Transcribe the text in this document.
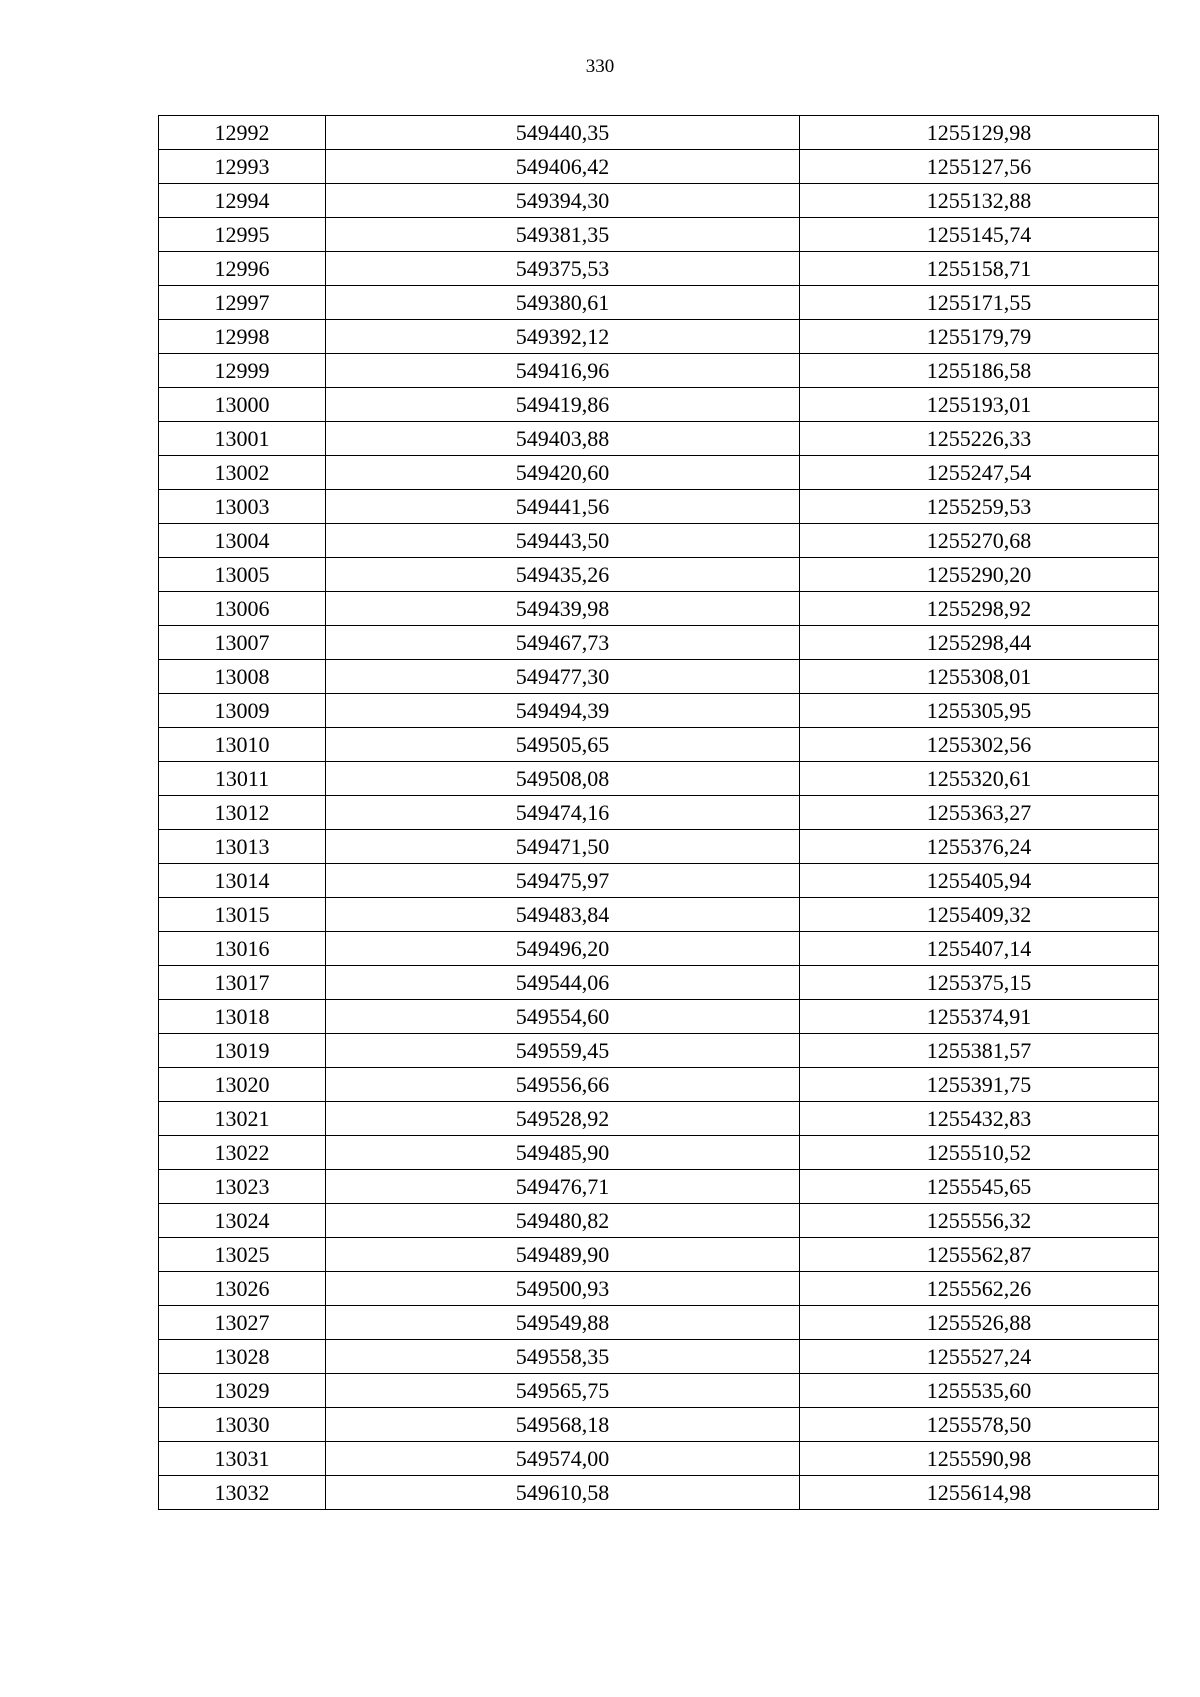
330
12992	549440,35	1255129,98
12993	549406,42	1255127,56
12994	549394,30	1255132,88
12995	549381,35	1255145,74
12996	549375,53	1255158,71
12997	549380,61	1255171,55
12998	549392,12	1255179,79
12999	549416,96	1255186,58
13000	549419,86	1255193,01
13001	549403,88	1255226,33
13002	549420,60	1255247,54
13003	549441,56	1255259,53
13004	549443,50	1255270,68
13005	549435,26	1255290,20
13006	549439,98	1255298,92
13007	549467,73	1255298,44
13008	549477,30	1255308,01
13009	549494,39	1255305,95
13010	549505,65	1255302,56
13011	549508,08	1255320,61
13012	549474,16	1255363,27
13013	549471,50	1255376,24
13014	549475,97	1255405,94
13015	549483,84	1255409,32
13016	549496,20	1255407,14
13017	549544,06	1255375,15
13018	549554,60	1255374,91
13019	549559,45	1255381,57
13020	549556,66	1255391,75
13021	549528,92	1255432,83
13022	549485,90	1255510,52
13023	549476,71	1255545,65
13024	549480,82	1255556,32
13025	549489,90	1255562,87
13026	549500,93	1255562,26
13027	549549,88	1255526,88
13028	549558,35	1255527,24
13029	549565,75	1255535,60
13030	549568,18	1255578,50
13031	549574,00	1255590,98
13032	549610,58	1255614,98
